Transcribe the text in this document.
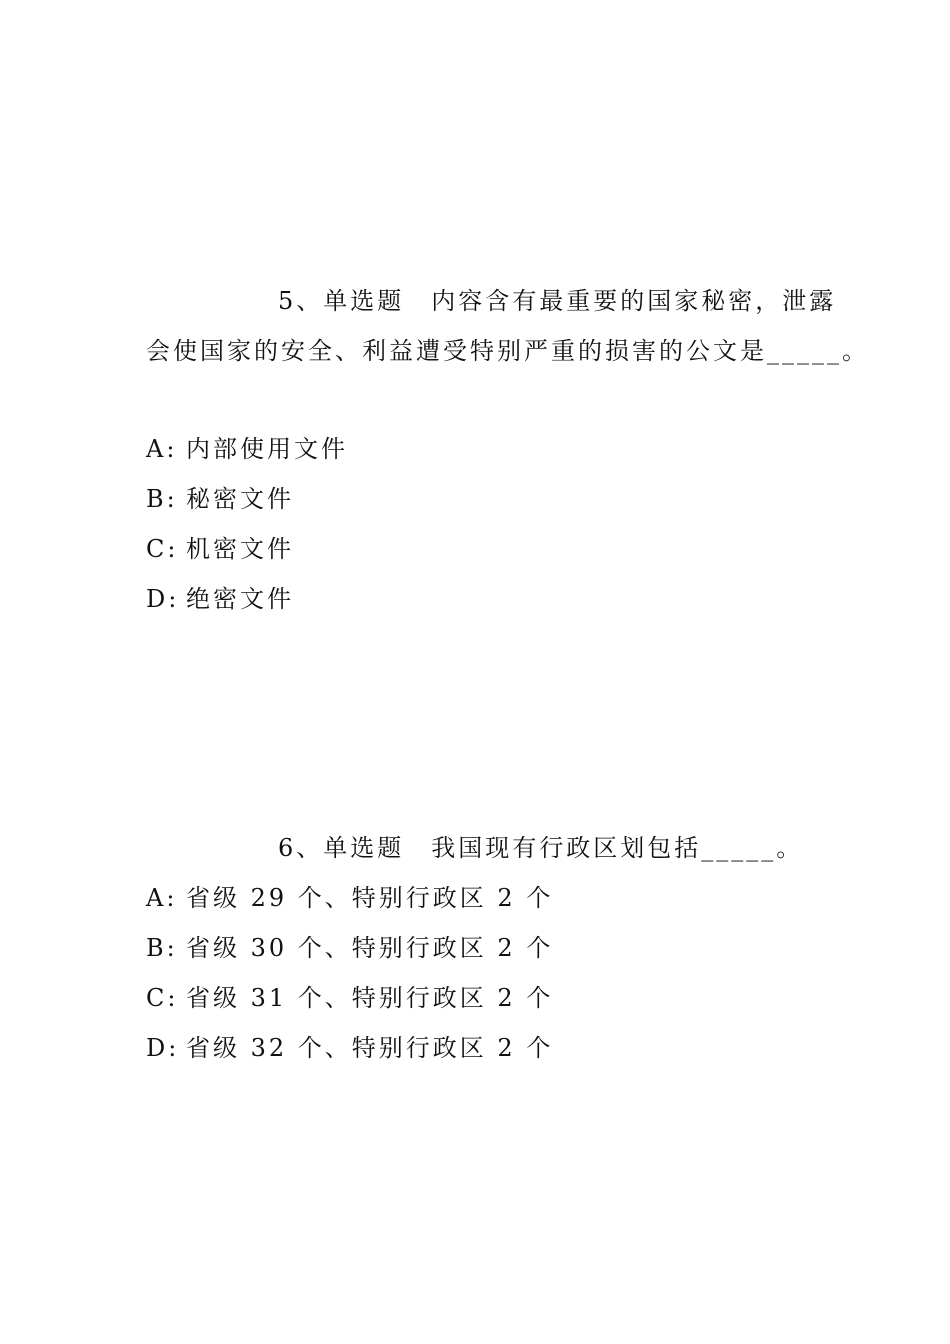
5、单选题　内容含有最重要的国家秘密，泄露
会使国家的安全、利益遭受特别严重的损害的公文是_____。
A: 内部使用文件
B: 秘密文件
C: 机密文件
D: 绝密文件
6、单选题　我国现有行政区划包括_____。
A: 省级 29 个、特别行政区 2 个
B: 省级 30 个、特别行政区 2 个
C: 省级 31 个、特别行政区 2 个
D: 省级 32 个、特别行政区 2 个
